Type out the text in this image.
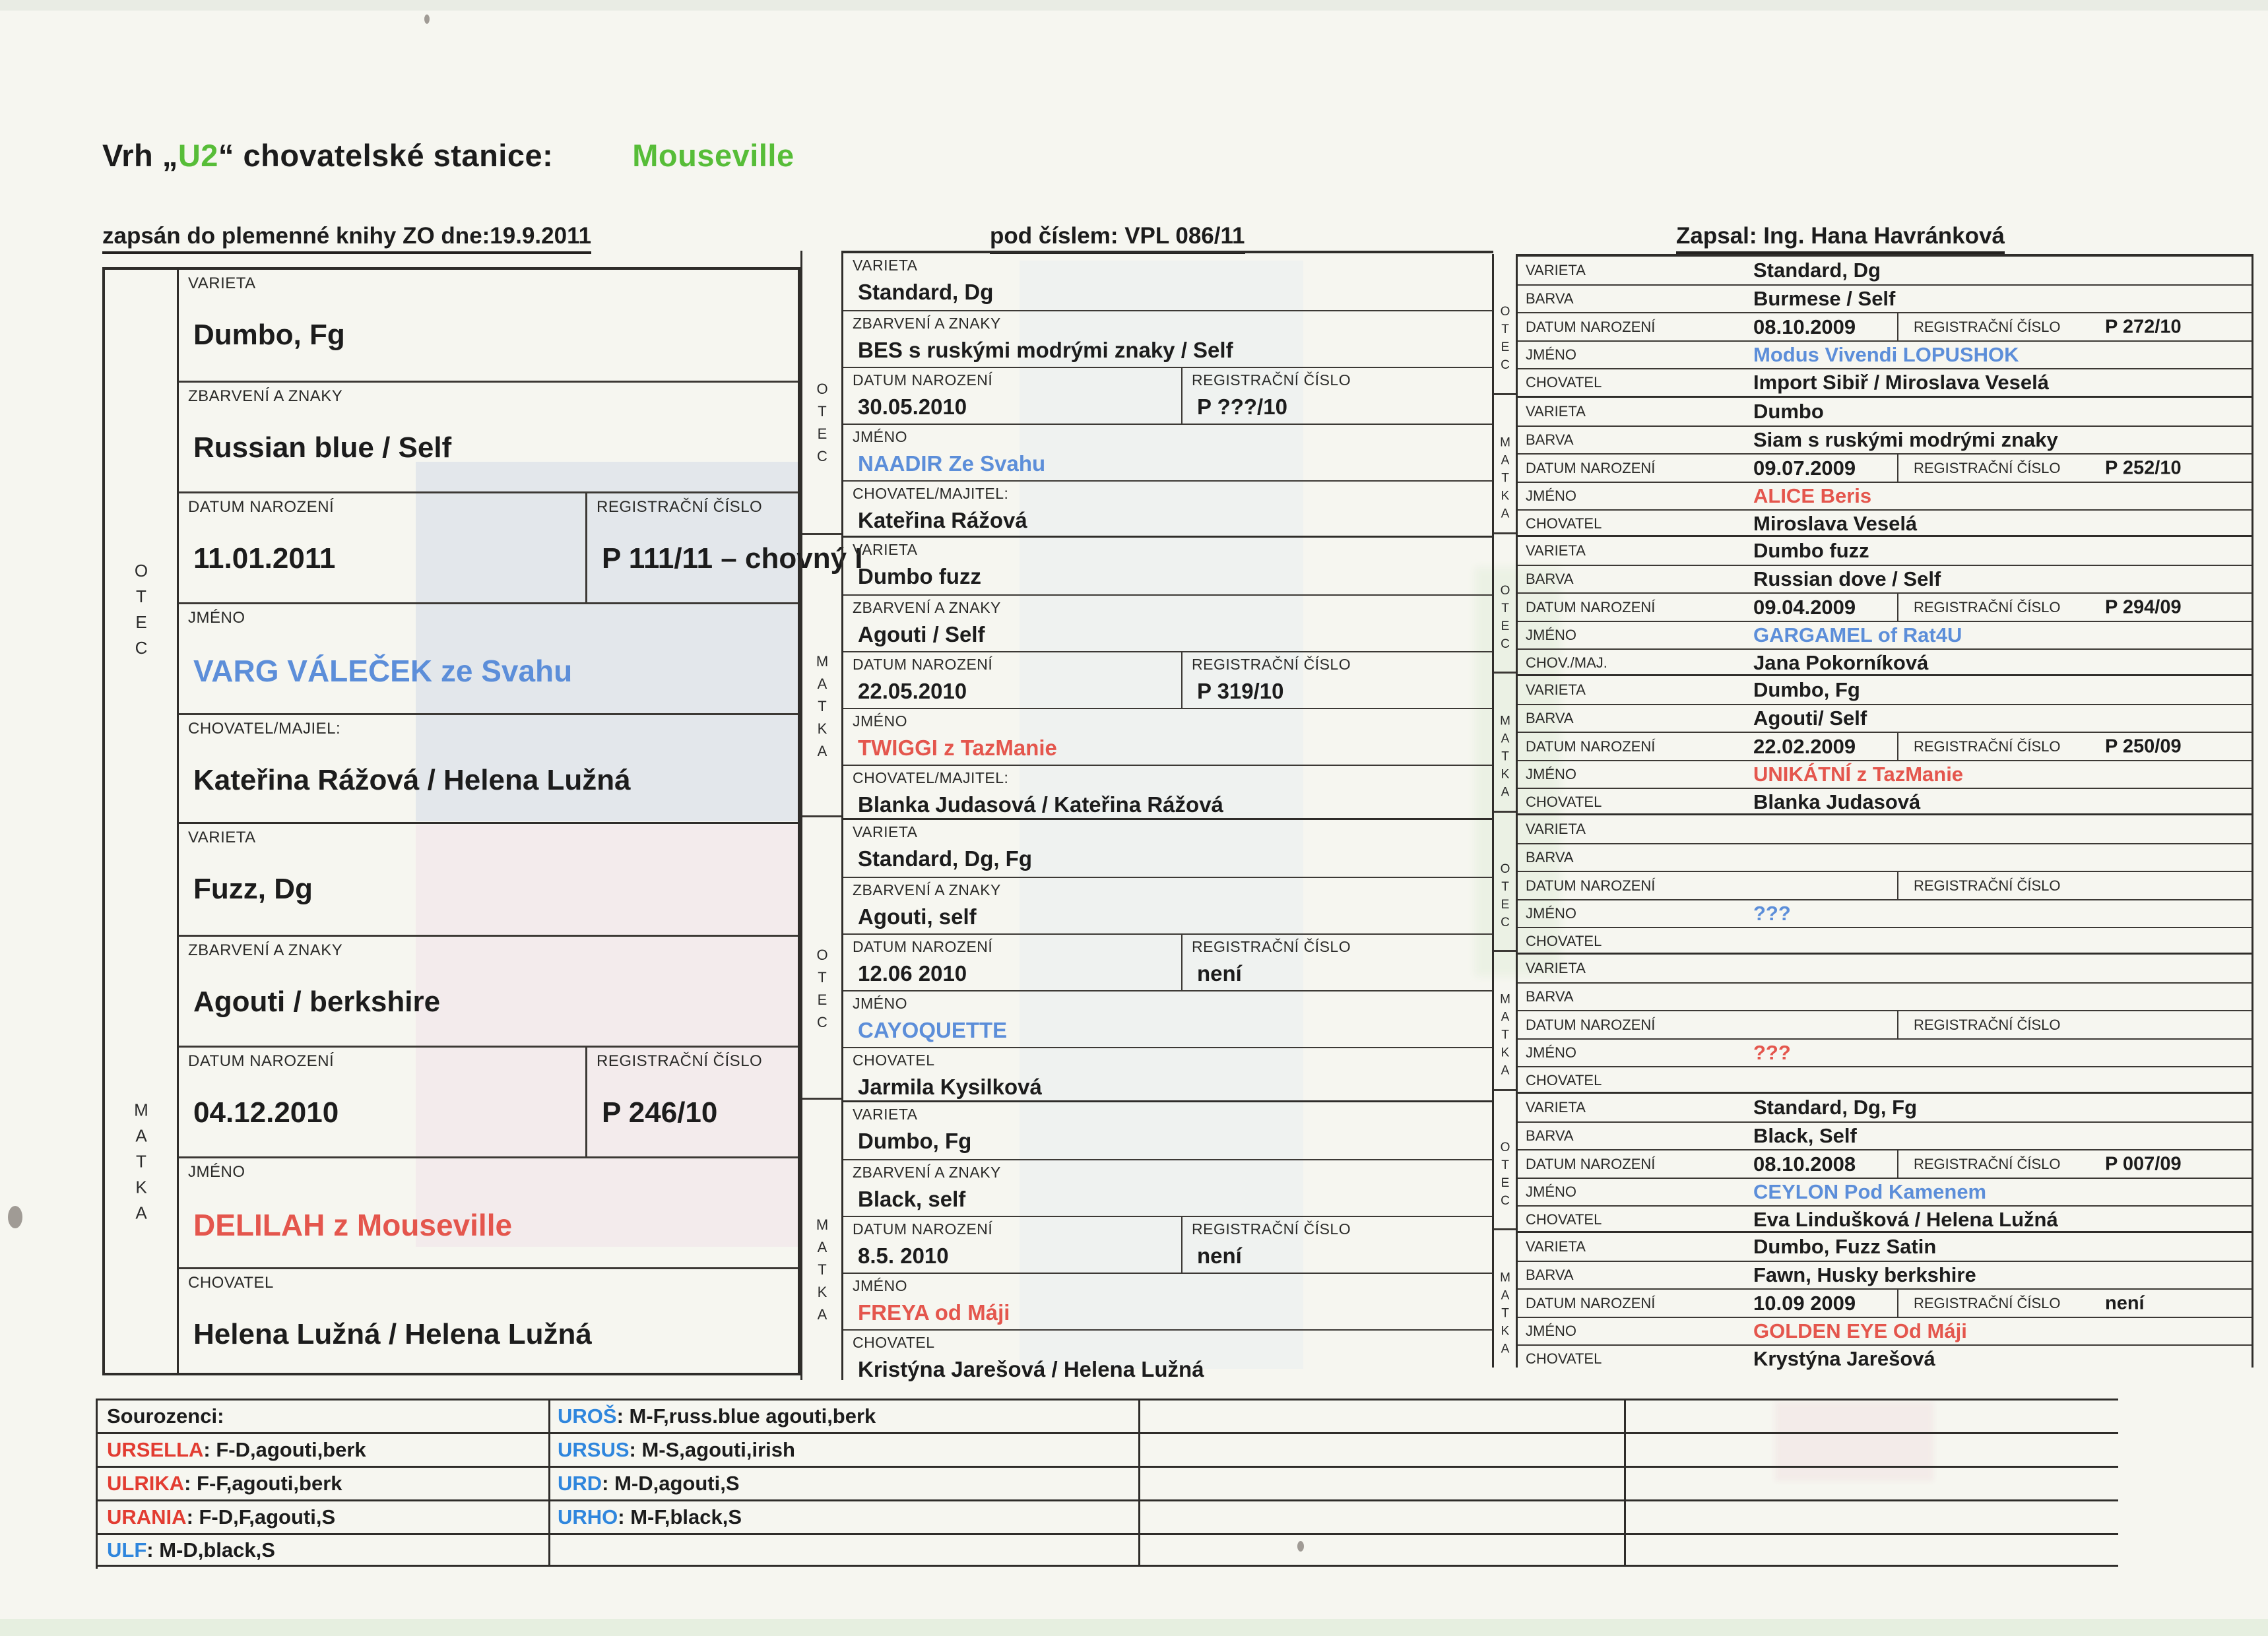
Vrh „U2“ chovatelské stanice:	Mouseville
zapsán do plemenné knihy ZO dne:19.9.2011	pod číslem: VPL 086/11	Zapsal: Ing. Hana Havránková
OTEC
MATKA
VARIETA
Dumbo, Fg
ZBARVENÍ A ZNAKY
Russian blue / Self
DATUM NAROZENÍ
11.01.2011
REGISTRAČNÍ ČÍSLO
P 111/11 – chovný I
JMÉNO
VARG VÁLEČEK ze Svahu
CHOVATEL/MAJIEL:
Kateřina Rážová / Helena Lužná
VARIETA
Fuzz, Dg
ZBARVENÍ A ZNAKY
Agouti / berkshire
DATUM NAROZENÍ
04.12.2010
REGISTRAČNÍ ČÍSLO
P 246/10
JMÉNO
DELILAH z Mouseville
CHOVATEL
Helena Lužná / Helena Lužná
OTEC
MATKA
OTEC
MATKA
VARIETA
Standard, Dg
ZBARVENÍ A ZNAKY
BES s ruskými modrými znaky / Self
DATUM NAROZENÍ
30.05.2010
REGISTRAČNÍ ČÍSLO
P ???/10
JMÉNO
NAADIR Ze Svahu
CHOVATEL/MAJITEL:
Kateřina Rážová
VARIETA
Dumbo fuzz
ZBARVENÍ A ZNAKY
Agouti / Self
DATUM NAROZENÍ
22.05.2010
REGISTRAČNÍ ČÍSLO
P 319/10
JMÉNO
TWIGGI z TazManie
CHOVATEL/MAJITEL:
Blanka Judasová / Kateřina Rážová
VARIETA
Standard, Dg, Fg
ZBARVENÍ A ZNAKY
Agouti, self
DATUM NAROZENÍ
12.06 2010
REGISTRAČNÍ ČÍSLO
není
JMÉNO
CAYOQUETTE
CHOVATEL
Jarmila Kysilková
VARIETA
Dumbo, Fg
ZBARVENÍ A ZNAKY
Black, self
DATUM NAROZENÍ
8.5. 2010
REGISTRAČNÍ ČÍSLO
není
JMÉNO
FREYA od Máji
CHOVATEL
Kristýna Jarešová / Helena Lužná
OTEC
MATKA
OTEC
MATKA
OTEC
MATKA
OTEC
MATKA
VARIETA	Standard, Dg
BARVA	Burmese / Self
DATUM NAROZENÍ	08.10.2009	REGISTRAČNÍ ČÍSLO P 272/10
JMÉNO	Modus Vivendi LOPUSHOK
CHOVATEL	Import Sibiř / Miroslava Veselá
VARIETA	Dumbo
BARVA	Siam s ruskými modrými znaky
DATUM NAROZENÍ	09.07.2009	REGISTRAČNÍ ČÍSLO P 252/10
JMÉNO	ALICE Beris
CHOVATEL	Miroslava Veselá
VARIETA	Dumbo fuzz
BARVA	Russian dove / Self
DATUM NAROZENÍ	09.04.2009	REGISTRAČNÍ ČÍSLO P 294/09
JMÉNO	GARGAMEL of Rat4U
CHOV./MAJ.	Jana Pokorníková
VARIETA	Dumbo, Fg
BARVA	Agouti/ Self
DATUM NAROZENÍ	22.02.2009	REGISTRAČNÍ ČÍSLO P 250/09
JMÉNO	UNIKÁTNÍ z TazManie
CHOVATEL	Blanka Judasová
VARIETA
BARVA
DATUM NAROZENÍ	REGISTRAČNÍ ČÍSLO
JMÉNO	???
CHOVATEL
VARIETA
BARVA
DATUM NAROZENÍ	REGISTRAČNÍ ČÍSLO
JMÉNO	???
CHOVATEL
VARIETA	Standard, Dg, Fg
BARVA	Black, Self
DATUM NAROZENÍ	08.10.2008	REGISTRAČNÍ ČÍSLO P 007/09
JMÉNO	CEYLON Pod Kamenem
CHOVATEL	Eva Lindušková / Helena Lužná
VARIETA	Dumbo, Fuzz Satin
BARVA	Fawn, Husky berkshire
DATUM NAROZENÍ	10.09 2009	REGISTRAČNÍ ČÍSLO není
JMÉNO	GOLDEN EYE Od Máji
CHOVATEL	Krystýna Jarešová
Sourozenci:	UROŠ : M-F,russ.blue agouti,berk
URSELLA : F-D,agouti,berk	URSUS : M-S,agouti,irish
ULRIKA : F-F,agouti,berk	URD : M-D,agouti,S
URANIA : F-D,F,agouti,S	URHO : M-F,black,S
ULF : M-D,black,S
